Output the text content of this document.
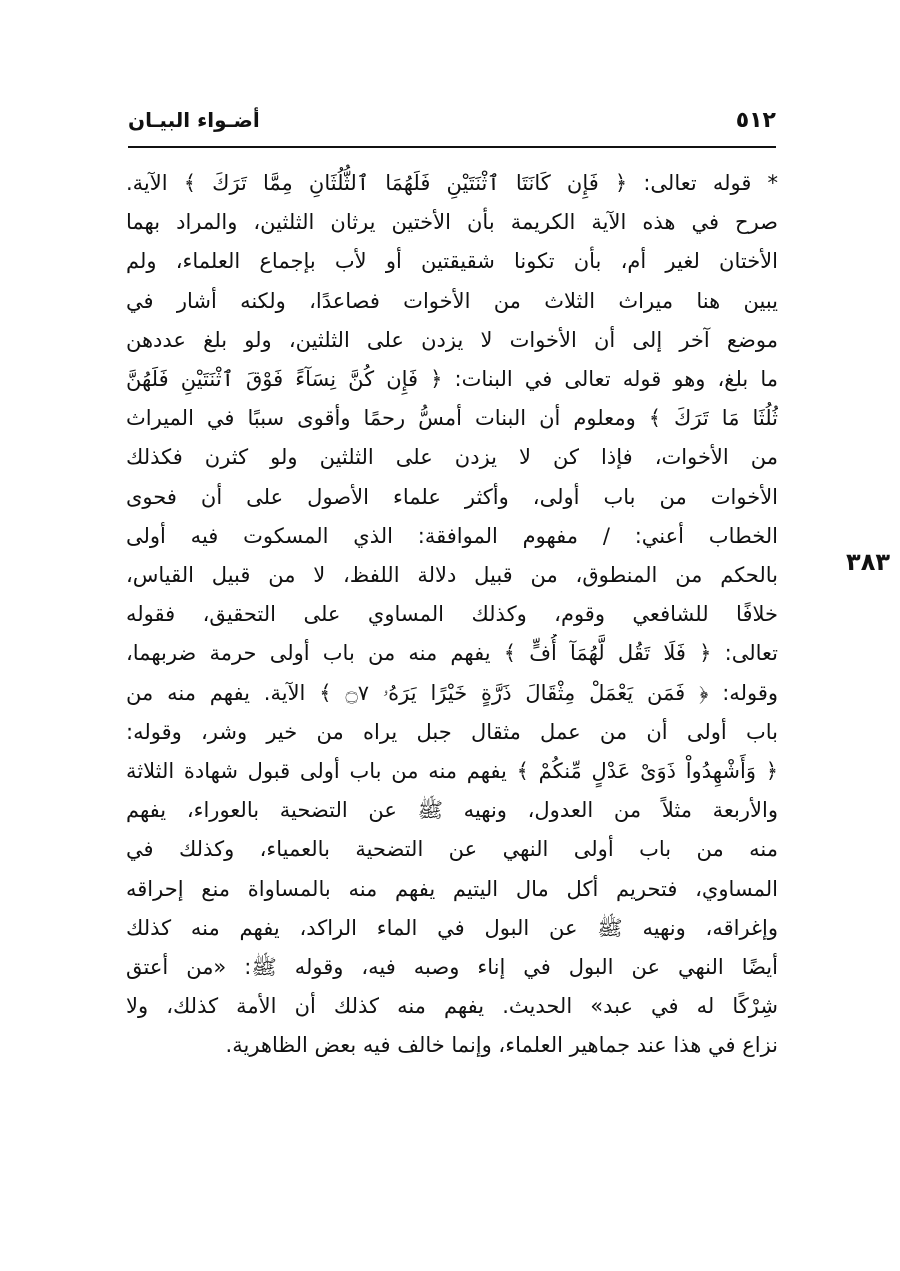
٥١٢
أضـواء البيـان
٣٨٣
* قوله تعالى: ﴿ فَإِن كَانَتَا ٱثْنَتَيْنِ فَلَهُمَا ٱلثُّلُثَانِ مِمَّا تَرَكَ ﴾ الآية.
صرح في هذه الآية الكريمة بأن الأختين يرثان الثلثين، والمراد بهما
الأختان لغير أم، بأن تكونا شقيقتين أو لأب بإجماع العلماء، ولم
يبين هنا ميراث الثلاث من الأخوات فصاعدًا، ولكنه أشار في
موضع آخر إلى أن الأخوات لا يزدن على الثلثين، ولو بلغ عددهن
ما بلغ، وهو قوله تعالى في البنات: ﴿ فَإِن كُنَّ نِسَآءً فَوْقَ ٱثْنَتَيْنِ فَلَهُنَّ
ثُلُثَا مَا تَرَكَ ﴾ ومعلوم أن البنات أمسُّ رحمًا وأقوى سببًا في الميراث
من الأخوات، فإذا كن لا يزدن على الثلثين ولو كثرن فكذلك
الأخوات من باب أولى، وأكثر علماء الأصول على أن فحوى
الخطاب أعني: / مفهوم الموافقة: الذي المسكوت فيه أولى
بالحكم من المنطوق، من قبيل دلالة اللفظ، لا من قبيل القياس،
خلافًا للشافعي وقوم، وكذلك المساوي على التحقيق، فقوله
تعالى: ﴿ فَلَا تَقُل لَّهُمَآ أُفٍّ ﴾ يفهم منه من باب أولى حرمة ضربهما،
وقوله: ﴿ فَمَن يَعْمَلْ مِثْقَالَ ذَرَّةٍ خَيْرًا يَرَهُۥ ۝٧ ﴾ الآية. يفهم منه من
باب أولى أن من عمل مثقال جبل يراه من خير وشر، وقوله:
﴿ وَأَشْهِدُواْ ذَوَىْ عَدْلٍ مِّنكُمْ ﴾ يفهم منه من باب أولى قبول شهادة الثلاثة
والأربعة مثلاً من العدول، ونهيه ﷺ عن التضحية بالعوراء، يفهم
منه من باب أولى النهي عن التضحية بالعمياء، وكذلك في
المساوي، فتحريم أكل مال اليتيم يفهم منه بالمساواة منع إحراقه
وإغراقه، ونهيه ﷺ عن البول في الماء الراكد، يفهم منه كذلك
أيضًا النهي عن البول في إناء وصبه فيه، وقوله ﷺ: «من أعتق
شِرْكًا له في عبد» الحديث. يفهم منه كذلك أن الأمة كذلك، ولا
نزاع في هذا عند جماهير العلماء، وإنما خالف فيه بعض الظاهرية.
